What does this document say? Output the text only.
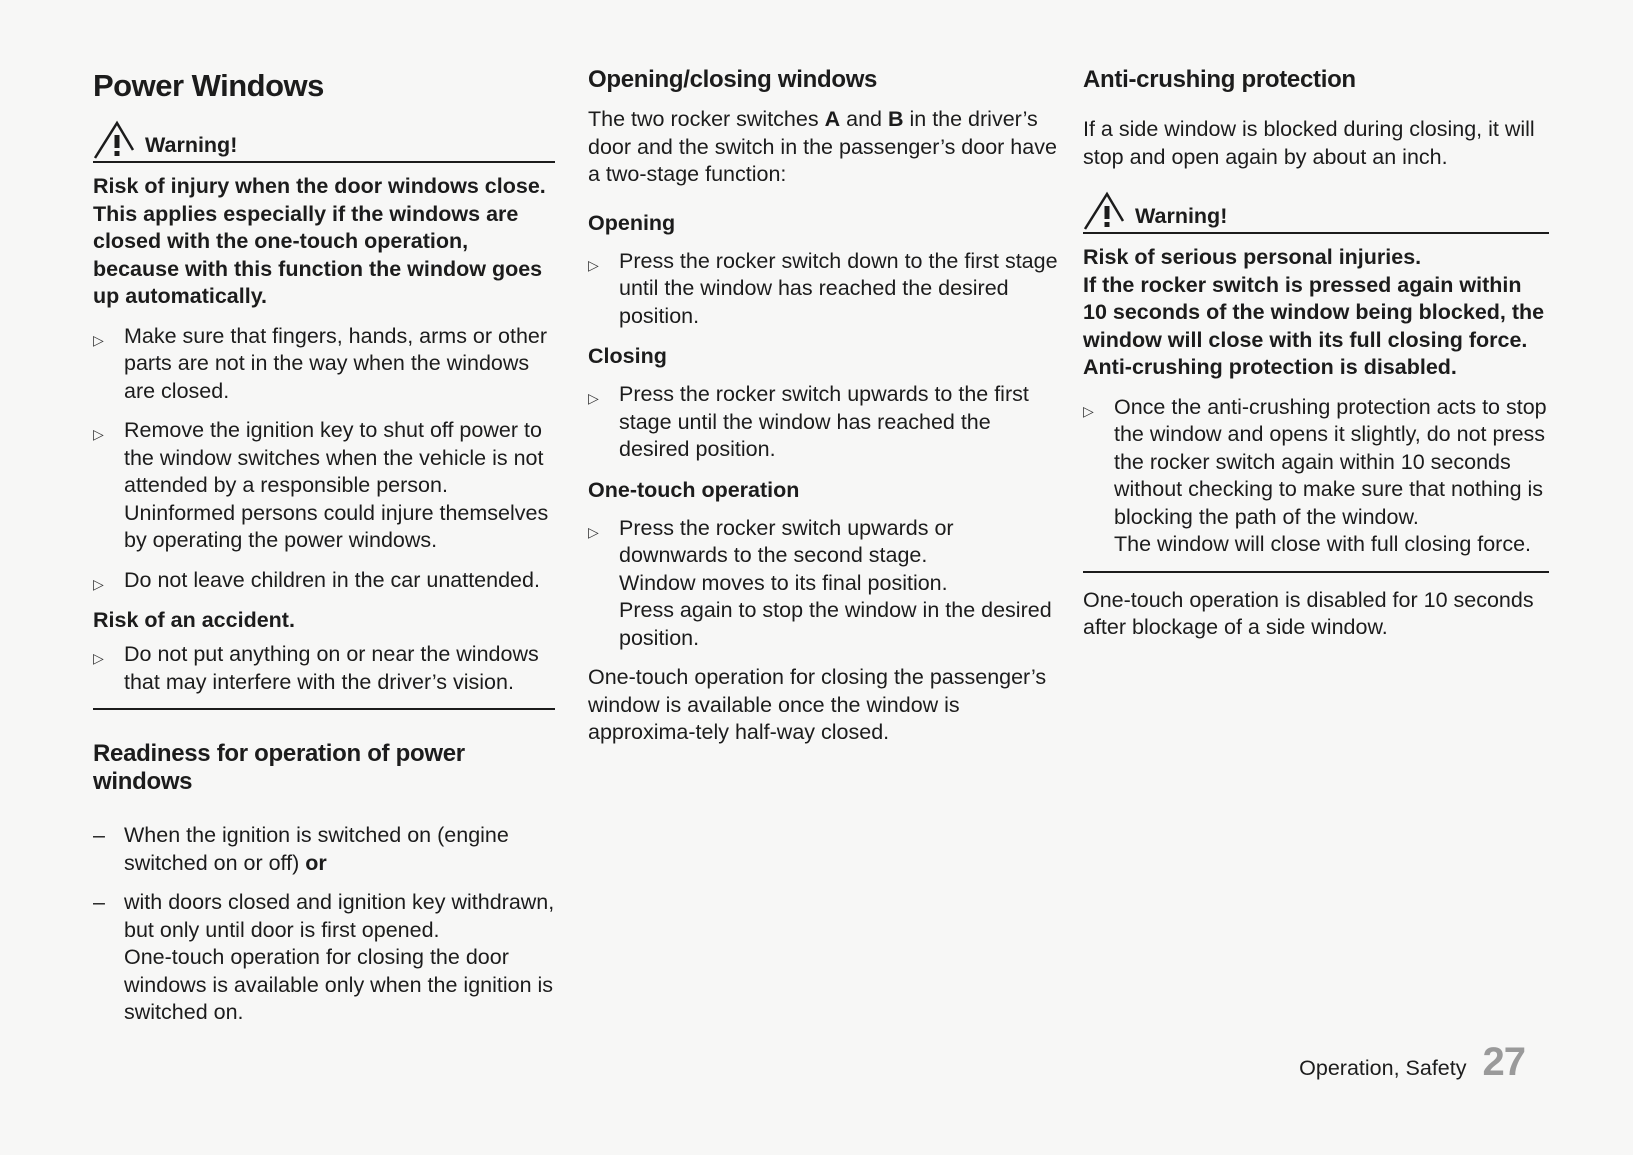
Power Windows
Warning!

Risk of injury when the door windows close. This applies especially if the windows are closed with the one-touch operation, because with this function the window goes up automatically.

▷ Make sure that fingers, hands, arms or other parts are not in the way when the windows are closed.
▷ Remove the ignition key to shut off power to the window switches when the vehicle is not attended by a responsible person. Uninformed persons could injure themselves by operating the power windows.
▷ Do not leave children in the car unattended.
Risk of an accident.
▷ Do not put anything on or near the windows that may interfere with the driver’s vision.
Readiness for operation of power windows
– When the ignition is switched on (engine switched on or off) or
– with doors closed and ignition key withdrawn, but only until door is first opened.
One-touch operation for closing the door windows is available only when the ignition is switched on.
Opening/closing windows

The two rocker switches A and B in the driver’s door and the switch in the passenger’s door have a two-stage function:

Opening
▷ Press the rocker switch down to the first stage until the window has reached the desired position.
Closing
▷ Press the rocker switch upwards to the first stage until the window has reached the desired position.
One-touch operation
▷ Press the rocker switch upwards or downwards to the second stage.
Window moves to its final position.
Press again to stop the window in the desired position.

One-touch operation for closing the passenger’s window is available once the window is approxima-tely half-way closed.

Anti-crushing protection

If a side window is blocked during closing, it will stop and open again by about an inch.

Warning!

Risk of serious personal injuries.

If the rocker switch is pressed again within 10 seconds of the window being blocked, the window will close with its full closing force.

Anti-crushing protection is disabled.

▷ Once the anti-crushing protection acts to stop the window and opens it slightly, do not press the rocker switch again within 10 seconds without checking to make sure that nothing is blocking the path of the window.
The window will close with full closing force.

One-touch operation is disabled for 10 seconds after blockage of a side window.

Operation, Safety 27
